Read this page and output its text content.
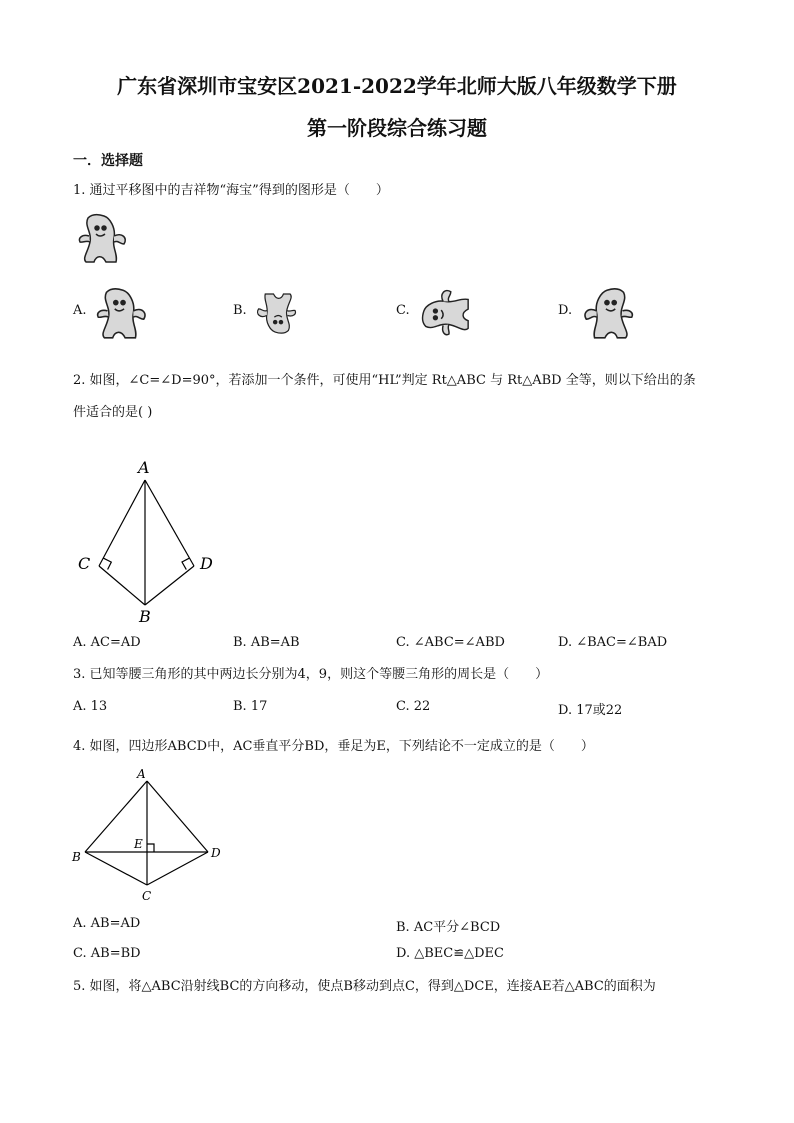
广东省深圳市宝安区2021-2022学年北师大版八年级数学下册
第一阶段综合练习题
一．选择题
1. 通过平移图中的吉祥物“海宝”得到的图形是（　　）
A.	B.	C.	D.
2. 如图，∠C=∠D=90°，若添加一个条件，可使用“HL”判定 Rt△ABC 与 Rt△ABD 全等，则以下给出的条
件适合的是( )
A
C	D
B
A. AC=AD	B. AB=AB	C. ∠ABC=∠ABD	D. ∠BAC=∠BAD
3. 已知等腰三角形的其中两边长分别为4，9，则这个等腰三角形的周长是（　　）
A. 13	B. 17	C. 22	D. 17或22
4. 如图，四边形ABCD中，AC垂直平分BD，垂足为E，下列结论不一定成立的是（　　）
A
B
E
D
C
A. AB=AD	B. AC平分∠BCD
C. AB=BD	D. △BEC≌△DEC
5. 如图，将△ABC沿射线BC的方向移动，使点B移动到点C，得到△DCE，连接AE若△ABC的面积为
